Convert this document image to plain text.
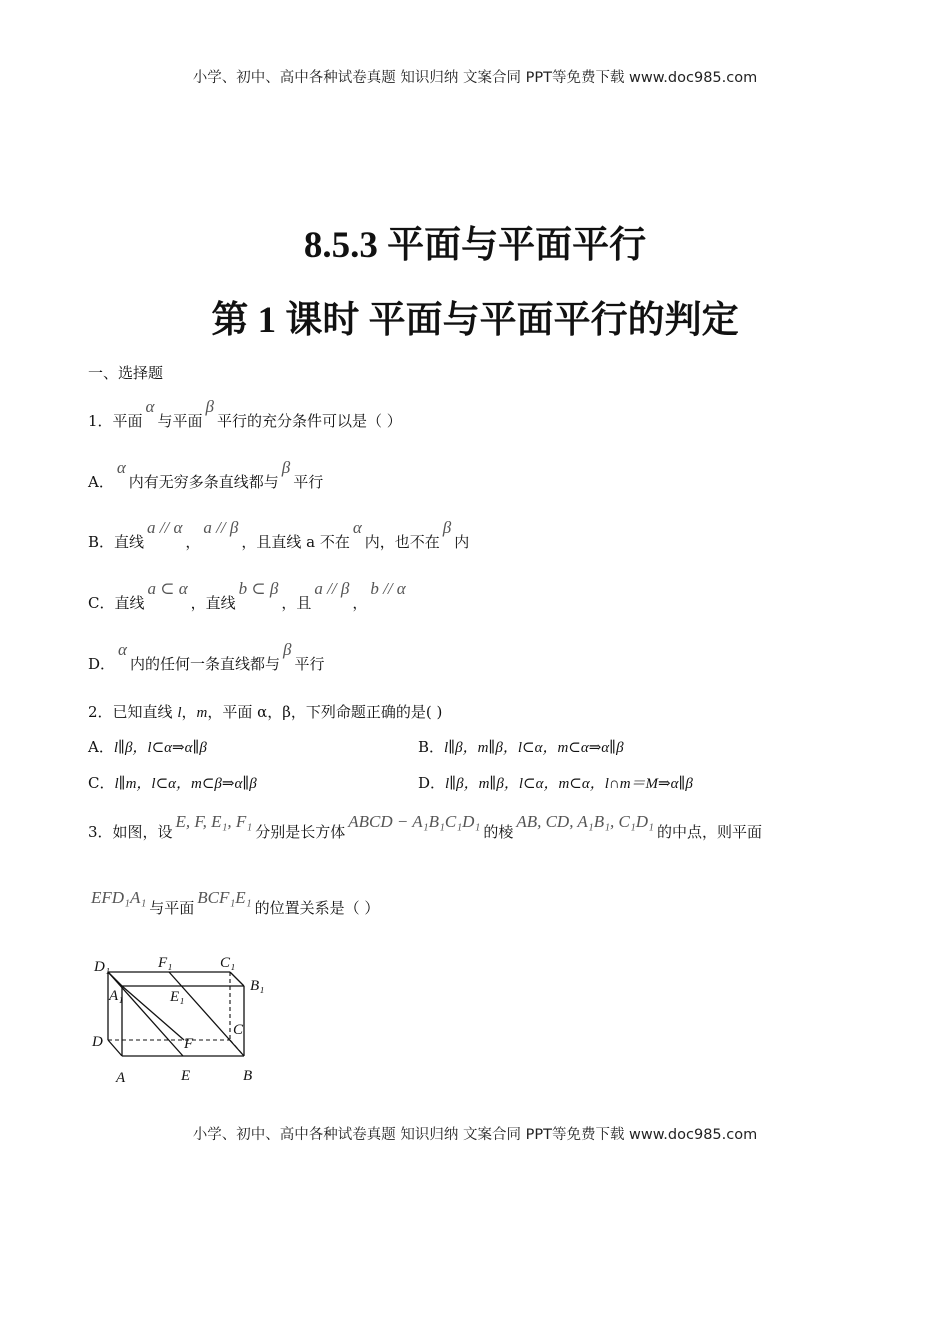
小学、初中、高中各种试卷真题 知识归纳 文案合同 PPT等免费下载 www.doc985.com
8.5.3 平面与平面平行
第 1 课时 平面与平面平行的判定
一、选择题
1．平面α与平面β平行的充分条件可以是（ ）
A．α内有无穷多条直线都与β平行
B．直线a // α，a // β，且直线 a 不在α内，也不在β内
C．直线a ⊂ α，直线b ⊂ β，且a // β，b // α
D．α内的任何一条直线都与β平行
2．已知直线 l，m，平面 α，β，下列命题正确的是( )
A．l∥β，l⊂α⇒α∥β	B．l∥β，m∥β，l⊂α，m⊂α⇒α∥β
C．l∥m，l⊂α，m⊂β⇒α∥β	D．l∥β，m∥β，l⊂α，m⊂α，l∩m＝M⇒α∥β
3．如图，设E, F, E₁, F₁分别是长方体ABCD − A₁B₁C₁D₁的棱AB, CD, A₁B₁, C₁D₁的中点，则平面
EFD₁A₁与平面BCF₁E₁的位置关系是（ ）
D₁	F₁	C₁
B₁
A₁	E₁
C
D	F
A	E	B
小学、初中、高中各种试卷真题 知识归纳 文案合同 PPT等免费下载 www.doc985.com
